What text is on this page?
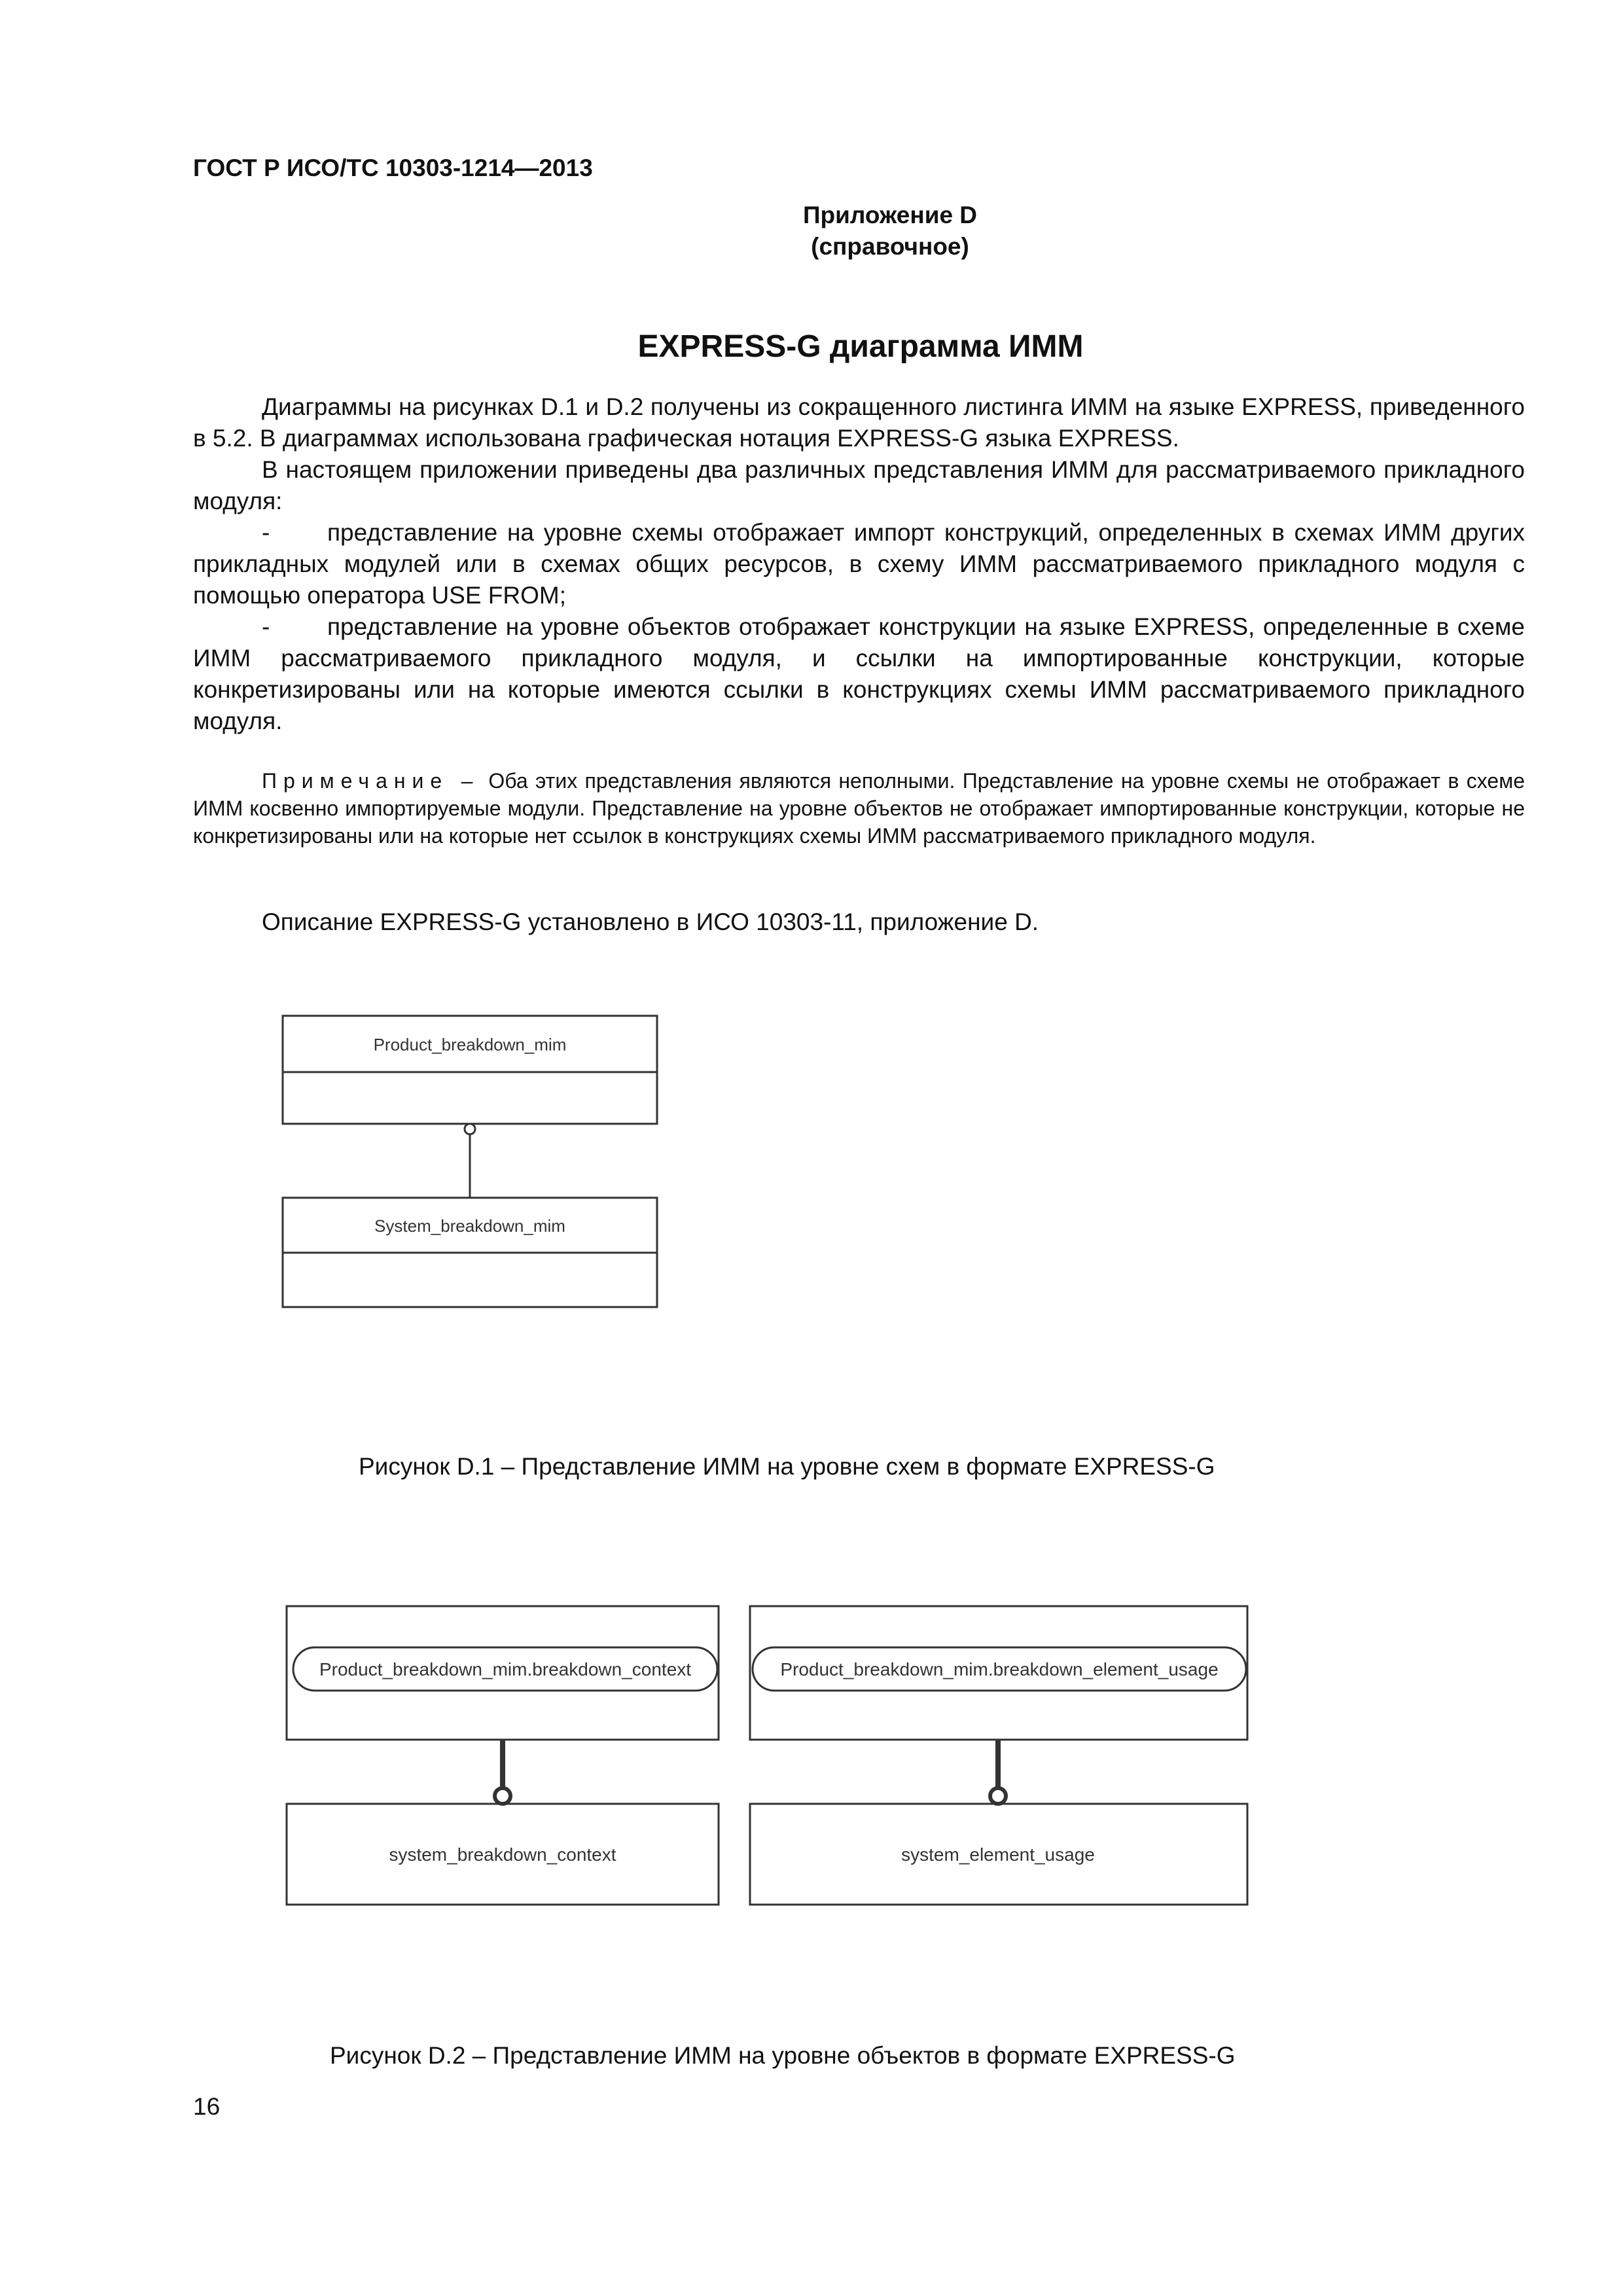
ГОСТ Р ИСО/ТС 10303-1214—2013
Приложение D
(справочное)
EXPRESS-G диаграмма ИММ

Диаграммы на рисунках D.1 и D.2 получены из сокращенного листинга ИММ на языке EXPRESS, приведенного в 5.2. В диаграммах использована графическая нотация EXPRESS-G языка EXPRESS.

В настоящем приложении приведены два различных представления ИММ для рассматриваемого прикладного модуля:

- представление на уровне схемы отображает импорт конструкций, определенных в схемах ИММ других прикладных модулей или в схемах общих ресурсов, в схему ИММ рассматриваемого прикладного модуля с помощью оператора USE FROM;

- представление на уровне объектов отображает конструкции на языке EXPRESS, определенные в схеме ИММ рассматриваемого прикладного модуля, и ссылки на импортированные конструкции, которые конкретизированы или на которые имеются ссылки в конструкциях схемы ИММ рассматриваемого прикладного модуля.

Примечание – Оба этих представления являются неполными. Представление на уровне схемы не отображает в схеме ИММ косвенно импортируемые модули. Представление на уровне объектов не отображает импортированные конструкции, которые не конкретизированы или на которые нет ссылок в конструкциях схемы ИММ рассматриваемого прикладного модуля.
Описание EXPRESS-G установлено в ИСО 10303-11, приложение D.
Product_breakdown_mim
System_breakdown_mim
Product_breakdown_mim.breakdown_context	Product_breakdown_mim.breakdown_element_usage
system_breakdown_context	system_element_usage
Рисунок D.1 – Представление ИММ на уровне схем в формате EXPRESS-G
Рисунок D.2 – Представление ИММ на уровне объектов в формате EXPRESS-G
16
